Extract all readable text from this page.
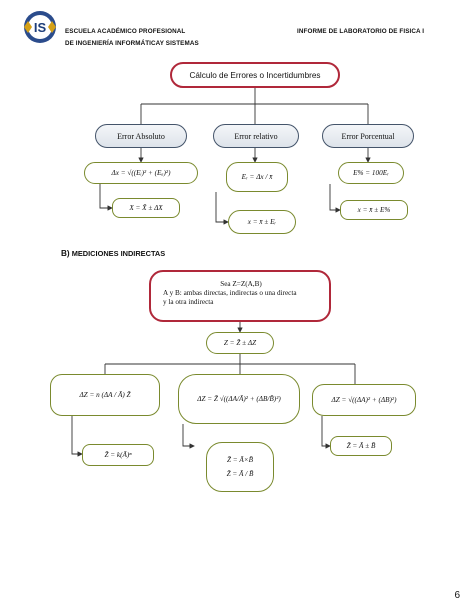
IS	ESCUELA ACADÉMICO PROFESIONAL
DE INGENIERÍA INFORMÁTICAY SISTEMAS
INFORME DE LABORATORIO DE FISICA I
Cálculo de Errores o Incertidumbres
Error Absoluto	Error relativo	Error Porcentual
Δx = √((Eᵢ)² + (Eₐ)²)	Eᵣ = Δx / x̄	E% = 100Eᵣ
X = X̄ ± ΔX
x = x̄ ± Eᵣ
x = x̄ ± E%
B) MEDICIONES INDIRECTAS
Sea Z=Z(A,B)
A y B: ambas directas, indirectas o una directa
y la otra indirecta
Z = Z̄ ± ΔZ
ΔZ = n (ΔA / Ā) Z̄	ΔZ = Z̄ √((ΔA/Ā)² + (ΔB/B̄)²)	ΔZ = √((ΔA)² + (ΔB)²)
Z̄ = k(Ā)ⁿ
Z̄ = Ā×B̄
Z̄ = Ā / B̄
Z̄ = Ā ± B̄
6
